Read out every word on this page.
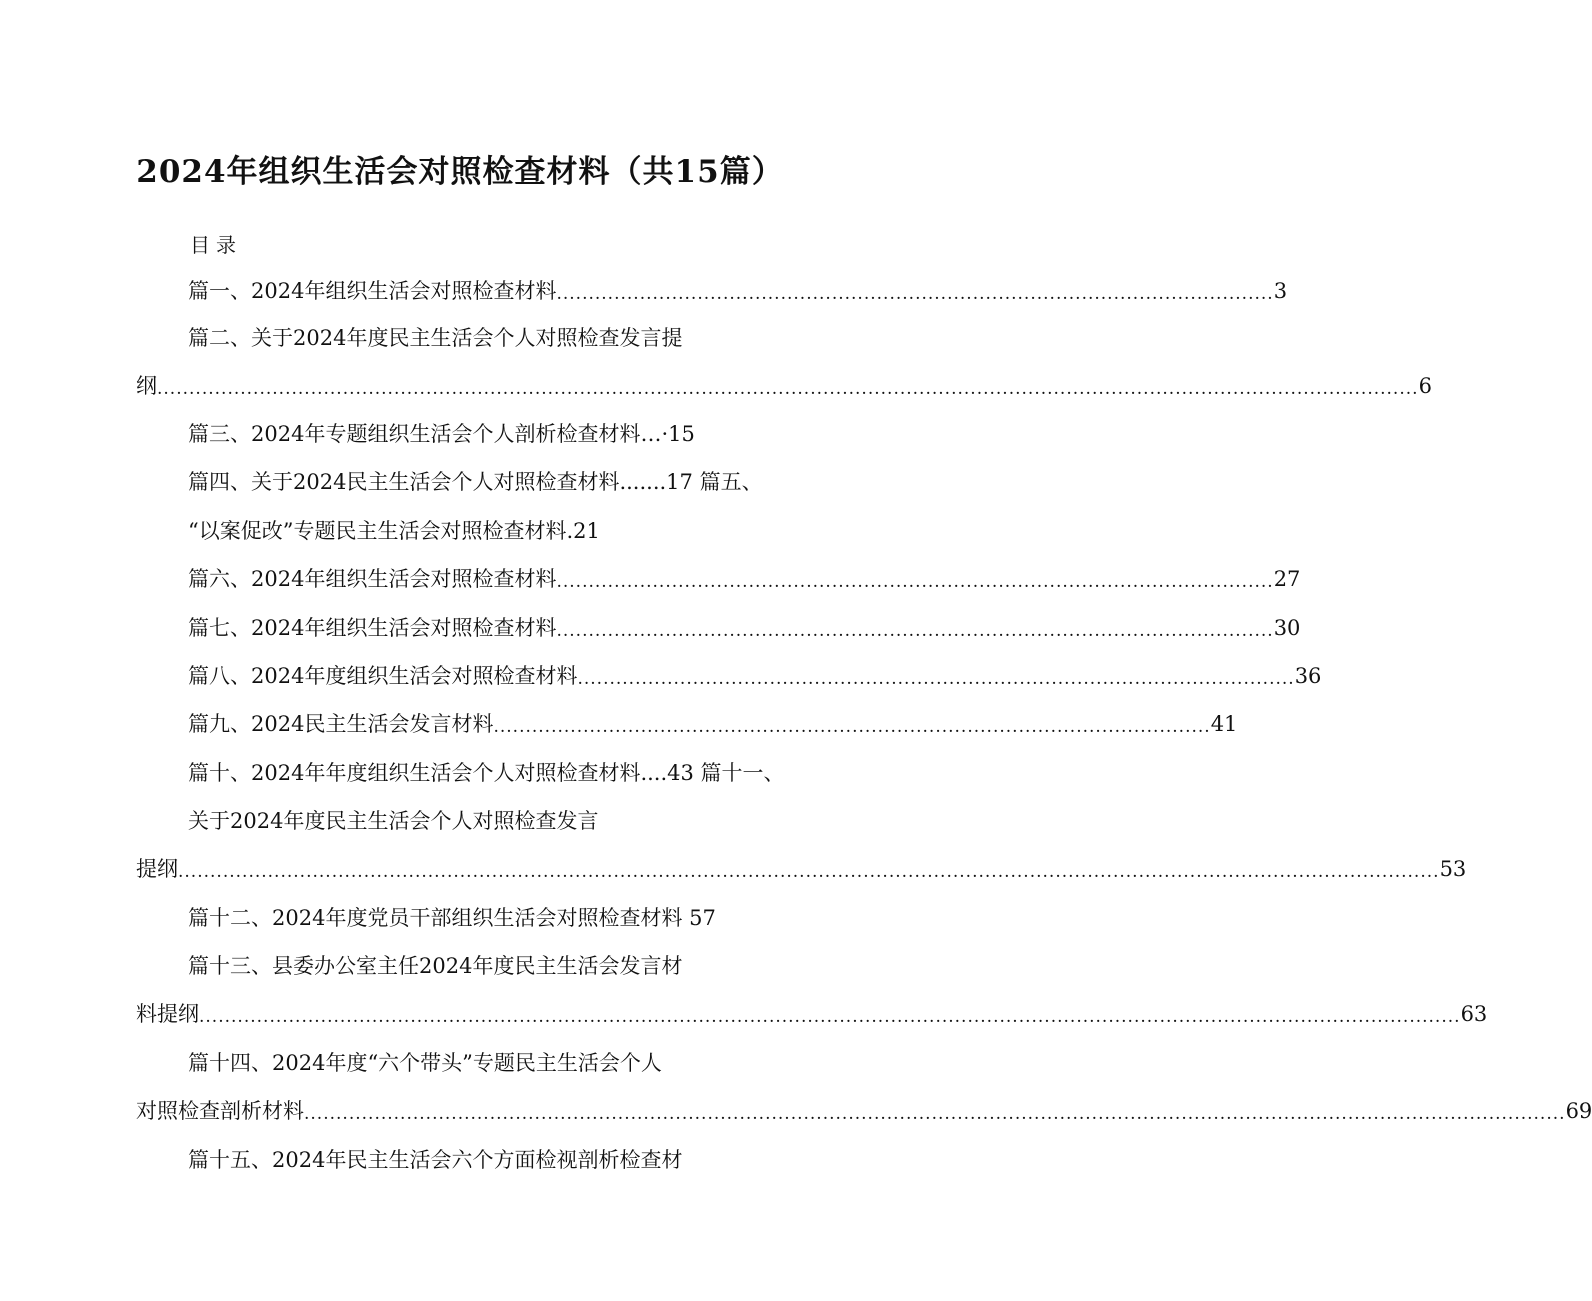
2024年组织生活会对照检查材料（共15篇）
目录
篇一、2024年组织生活会对照检查材料 ................................................................................................................ 3
篇二、关于2024年度民主生活会个人对照检查发言提
纲 ..................................................................................................................................................................................................... 6
篇三、2024年专题组织生活会个人剖析检查材料…·15
篇四、关于2024民主生活会个人对照检查材料.......17 篇五、
“以案促改”专题民主生活会对照检查材料.21
篇六、2024年组织生活会对照检查材料 ................................................................................................................ 27
篇七、2024年组织生活会对照检查材料 ................................................................................................................ 30
篇八、2024年度组织生活会对照检查材料 ................................................................................................................ 36
篇九、2024民主生活会发言材料 ................................................................................................................ 41
篇十、2024年年度组织生活会个人对照检查材料....43 篇十一、
关于2024年度民主生活会个人对照检查发言
提纲 ..................................................................................................................................................................................................... 53
篇十二、2024年度党员干部组织生活会对照检查材料 57
篇十三、县委办公室主任2024年度民主生活会发言材
料提纲 ..................................................................................................................................................................................................... 63
篇十四、2024年度“六个带头”专题民主生活会个人
对照检查剖析材料 ..................................................................................................................................................................................................... 69
篇十五、2024年民主生活会六个方面检视剖析检查材
